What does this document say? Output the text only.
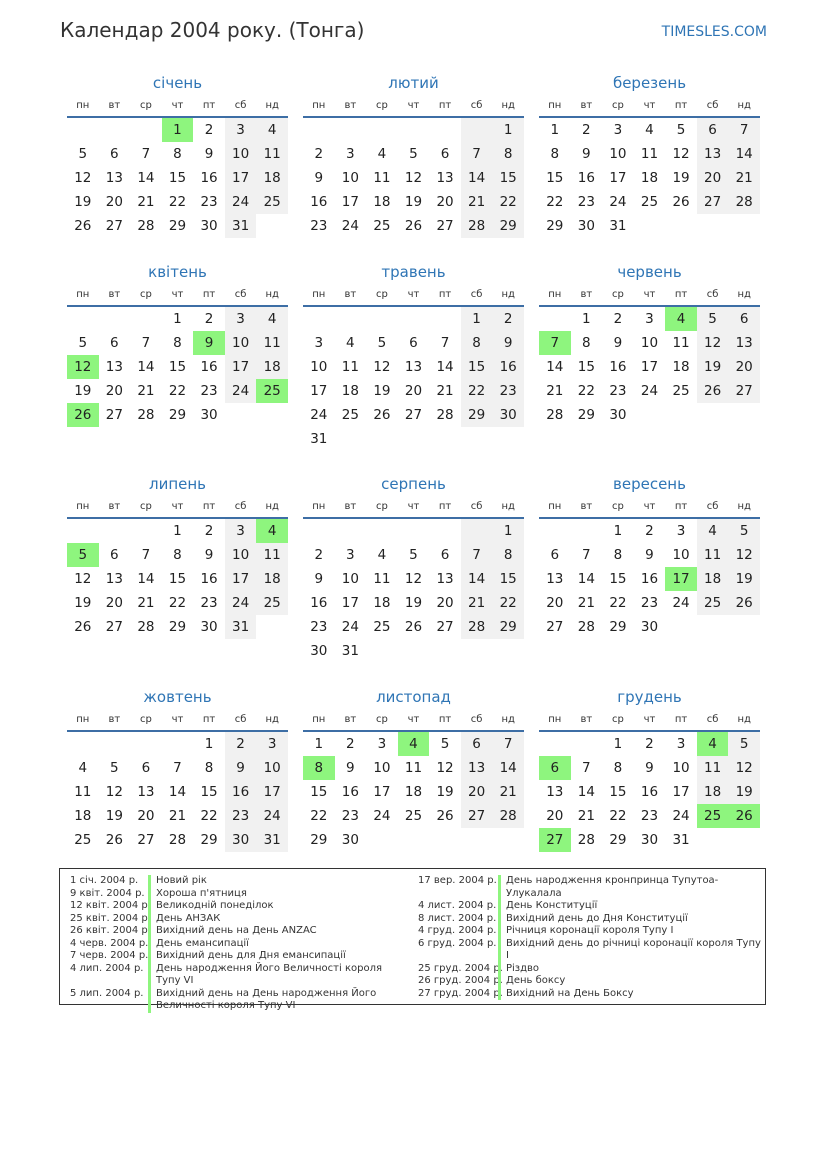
Календар 2004 року. (Тонга)	TIMESLES.COM
січень
пн	вт	ср	чт	пт	сб	нд
			1	2	3	4
5	6	7	8	9	10	11
12	13	14	15	16	17	18
19	20	21	22	23	24	25
26	27	28	29	30	31	
лютий
пн	вт	ср	чт	пт	сб	нд
						1
2	3	4	5	6	7	8
9	10	11	12	13	14	15
16	17	18	19	20	21	22
23	24	25	26	27	28	29
березень
пн	вт	ср	чт	пт	сб	нд
1	2	3	4	5	6	7
8	9	10	11	12	13	14
15	16	17	18	19	20	21
22	23	24	25	26	27	28
29	30	31				
квітень
пн	вт	ср	чт	пт	сб	нд
			1	2	3	4
5	6	7	8	9	10	11
12	13	14	15	16	17	18
19	20	21	22	23	24	25
26	27	28	29	30		
травень
пн	вт	ср	чт	пт	сб	нд
					1	2
3	4	5	6	7	8	9
10	11	12	13	14	15	16
17	18	19	20	21	22	23
24	25	26	27	28	29	30
31						
червень
пн	вт	ср	чт	пт	сб	нд
	1	2	3	4	5	6
7	8	9	10	11	12	13
14	15	16	17	18	19	20
21	22	23	24	25	26	27
28	29	30				
липень
пн	вт	ср	чт	пт	сб	нд
			1	2	3	4
5	6	7	8	9	10	11
12	13	14	15	16	17	18
19	20	21	22	23	24	25
26	27	28	29	30	31	
серпень
пн	вт	ср	чт	пт	сб	нд
						1
2	3	4	5	6	7	8
9	10	11	12	13	14	15
16	17	18	19	20	21	22
23	24	25	26	27	28	29
30	31					
вересень
пн	вт	ср	чт	пт	сб	нд
		1	2	3	4	5
6	7	8	9	10	11	12
13	14	15	16	17	18	19
20	21	22	23	24	25	26
27	28	29	30			
жовтень
пн	вт	ср	чт	пт	сб	нд
				1	2	3
4	5	6	7	8	9	10
11	12	13	14	15	16	17
18	19	20	21	22	23	24
25	26	27	28	29	30	31
листопад
пн	вт	ср	чт	пт	сб	нд
1	2	3	4	5	6	7
8	9	10	11	12	13	14
15	16	17	18	19	20	21
22	23	24	25	26	27	28
29	30					
грудень
пн	вт	ср	чт	пт	сб	нд
		1	2	3	4	5
6	7	8	9	10	11	12
13	14	15	16	17	18	19
20	21	22	23	24	25	26
27	28	29	30	31		
1 січ. 2004 р.	Новий рік
9 квіт. 2004 р.	Хороша п'ятниця
12 квіт. 2004 р. Великодній понеділок
25 квіт. 2004 р. День АНЗАК
26 квіт. 2004 р. Вихідний день на День ANZAC
4 черв. 2004 р. День емансипації
7 черв. 2004 р. Вихідний день для Дня емансипації
4 лип. 2004 р.	День народження Його Величності короля Тупу VI
5 лип. 2004 р.	Вихідний день на День народження Його Величності короля Тупу VI
17 вер. 2004 р. День народження кронпринца Тупутоа-Улукалала
4 лист. 2004 р. День Конституції
8 лист. 2004 р. Вихідний день до Дня Конституції
4 груд. 2004 р. Річниця коронації короля Тупу I
6 груд. 2004 р. Вихідний день до річниці коронації короля Тупу I
25 груд. 2004 р. Різдво
26 груд. 2004 р. День боксу
27 груд. 2004 р. Вихідний на День Боксу
